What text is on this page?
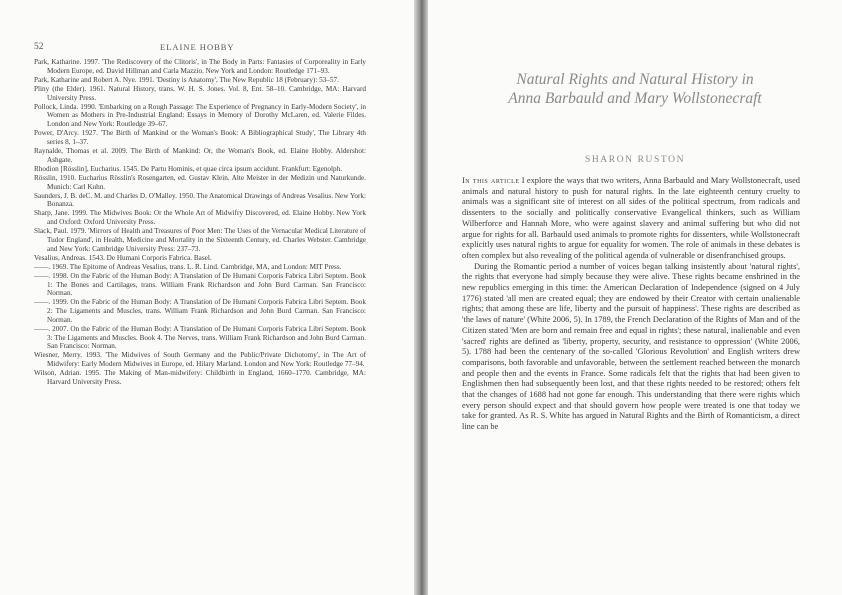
52	ELAINE HOBBY

Park, Katharine. 1997. 'The Rediscovery of the Clitoris', in The Body in Parts: Fantasies of Corporeality in Early Modern Europe, ed. David Hillman and Carla Mazzio. New York and London: Routledge 171–93.

Park, Katharine and Robert A. Nye. 1991. 'Destiny is Anatomy', The New Republic 18 (February): 53–57.

Pliny (the Elder). 1961. Natural History, trans. W. H. S. Jones. Vol. 8, Ent. 58–10. Cambridge, MA: Harvard University Press.

Pollock, Linda. 1990. 'Embarking on a Rough Passage: The Experience of Pregnancy in Early-Modern Society', in Women as Mothers in Pre-Industrial England: Essays in Memory of Dorothy McLaren, ed. Valerie Fildes. London and New York: Routledge 39–67.

Power, D'Arcy. 1927. 'The Birth of Mankind or the Woman's Book: A Bibliographical Study', The Library 4th series 8, 1–37.

Raynalde, Thomas et al. 2009. The Birth of Mankind: Or, the Woman's Book, ed. Elaine Hobby. Aldershot: Ashgate.

Rhodion [Rösslin], Eucharius. 1545. De Partu Hominis, et quae circa ipsum accidunt. Frankfurt: Egenolph.

Rösslin, 1910. Eucharius Rösslin's Rosengarten, ed. Gustav Klein. Alte Meister in der Medizin und Naturkunde. Munich: Carl Kuhn.

Saunders, J. B. deC. M. and Charles D. O'Malley. 1950. The Anatomical Drawings of Andreas Vesalius. New York: Bonanza.

Sharp, Jane. 1999. The Midwives Book: Or the Whole Art of Midwifry Discovered, ed. Elaine Hobby. New York and Oxford: Oxford University Press.

Slack, Paul. 1979. 'Mirrors of Health and Treasures of Poor Men: The Uses of the Vernacular Medical Literature of Tudor England', in Health, Medicine and Mortality in the Sixteenth Century, ed. Charles Webster. Cambridge and New York: Cambridge University Press: 237–73.

Vesalius, Andreas. 1543. De Humani Corporis Fabrica. Basel.

——. 1969. The Epitome of Andreas Vesalius, trans. L. R. Lind. Cambridge, MA, and London: MIT Press.

——. 1998. On the Fabric of the Human Body: A Translation of De Humani Corporis Fabrica Libri Septem. Book 1: The Bones and Cartilages, trans. William Frank Richardson and John Burd Carman. San Francisco: Norman.

——. 1999. On the Fabric of the Human Body: A Translation of De Humani Corporis Fabrica Libri Septem. Book 2: The Ligaments and Muscles, trans. William Frank Richardson and John Burd Carman. San Francisco: Norman.

——. 2007. On the Fabric of the Human Body: A Translation of De Humani Corporis Fabrica Libri Septem. Book 3: The Ligaments and Muscles. Book 4. The Nerves, trans. William Frank Richardson and John Burd Carman. San Francisco: Norman.

Wiesner, Merry. 1993. 'The Midwives of South Germany and the Public/Private Dichotomy', in The Art of Midwifery: Early Modern Midwives in Europe, ed. Hilary Marland. London and New York: Routledge 77–94.

Wilson, Adrian. 1995. The Making of Man-midwifery: Childbirth in England, 1660–1770. Cambridge, MA: Harvard University Press.

Natural Rights and Natural History in
Anna Barbauld and Mary Wollstonecraft
SHARON RUSTON

In this article I explore the ways that two writers, Anna Barbauld and Mary Wollstonecraft, used animals and natural history to push for natural rights. In the late eighteenth century cruelty to animals was a significant site of interest on all sides of the political spectrum, from radicals and dissenters to the socially and politically conservative Evangelical thinkers, such as William Wilberforce and Hannah More, who were against slavery and animal suffering but who did not argue for rights for all. Barbauld used animals to promote rights for dissenters, while Wollstonecraft explicitly uses natural rights to argue for equality for women. The role of animals in these debates is often complex but also revealing of the political agenda of vulnerable or disenfranchised groups.

During the Romantic period a number of voices began talking insistently about 'natural rights', the rights that everyone had simply because they were alive. These rights became enshrined in the new republics emerging in this time: the American Declaration of Independence (signed on 4 July 1776) stated 'all men are created equal; they are endowed by their Creator with certain unalienable rights; that among these are life, liberty and the pursuit of happiness'. These rights are described as 'the laws of nature' (White 2006, 5). In 1789, the French Declaration of the Rights of Man and of the Citizen stated 'Men are born and remain free and equal in rights'; these natural, inalienable and even 'sacred' rights are defined as 'liberty, property, security, and resistance to oppression' (White 2006, 5). 1788 had been the centenary of the so-called 'Glorious Revolution' and English writers drew comparisons, both favorable and unfavorable, between the settlement reached between the monarch and people then and the events in France. Some radicals felt that the rights that had been given to Englishmen then had subsequently been lost, and that these rights needed to be restored; others felt that the changes of 1688 had not gone far enough. This understanding that there were rights which every person should expect and that should govern how people were treated is one that today we take for granted. As R. S. White has argued in Natural Rights and the Birth of Romanticism, a direct line can be
